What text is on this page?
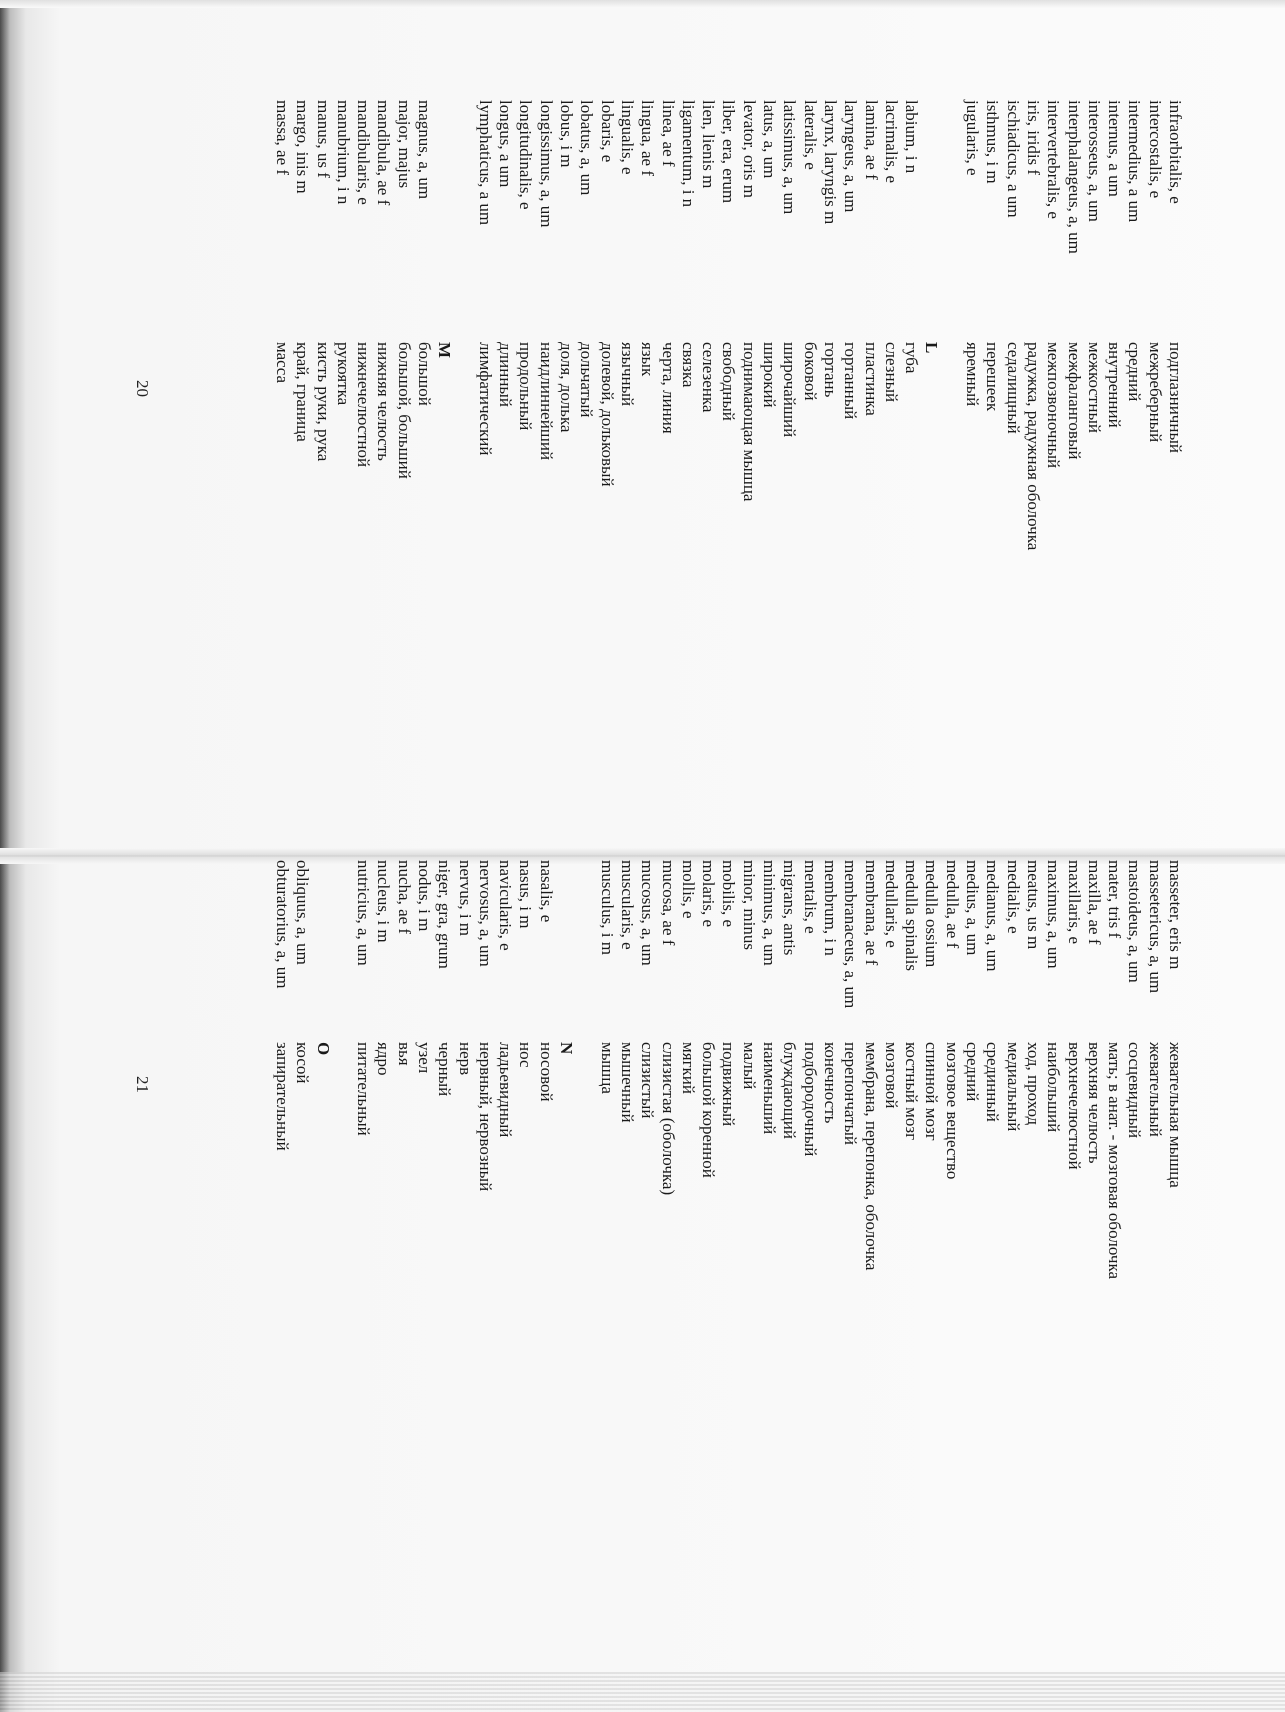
infraorbitalis, e
intercostalis, e
intermedius, a um
internus, a um
interosseus, a, um
interphalangeus, a, um
intervertebralis, e
iris, iridis f
ischiadicus, a um
isthmus, i m
jugularis, e
labium, i n
lacrimalis, e
lamina, ae f
laryngeus, a, um
larynx, laryngis m
lateralis, e
latissimus, a, um
latus, a, um
levator, oris m
liber, era, erum
lien, lienis m
ligamentum, i n
linea, ae f
lingua, ae f
lingualis, e
lobaris, e
lobatus, a, um
lobus, i m
longissimus, a, um
longitudinalis, e
longus, a um
lymphaticus, a um
magnus, a, um
major, majus
mandibula, ae f
mandibularis, e
manubrium, i n
manus, us f
margo, inis m
massa, ae f
подглазничный
межреберный
средний
внутренний
межкостный
межфаланговый
межпозвоночный
радужка, радужная оболочка
седалищный
перешеек
яремный
L
губа
слезный
пластинка
гортанный
гортань
боковой
широчайший
широкий
поднимающая мышца
свободный
селезенка
связка
черта, линия
язык
язычный
долевой, дольковый
дольчатый
доля, долька
наидлиннейший
продольный
длинный
лимфатический
M
большой
большой, больший
нижняя челюсть
нижнечелюстной
рукоятка
кисть руки, рука
край, граница
масса
20
masseter, eris m
massetericus, a, um
mastoideus, a, um
mater, tris f
maxilla, ae f
maxillaris, e
maximus, a, um
meatus, us m
medialis, e
medianus, a, um
medius, a, um
medulla, ae f
medulla ossium
medulla spinalis
medullaris, e
membrana, ae f
membranaceus, a, um
membrum, i n
mentalis, e
migrans, antis
minimus, a, um
minor, minus
mobilis, e
molaris, e
mollis, e
mucosa, ae f
mucosus, a, um
muscularis, e
musculus, i m
nasalis, e
nasus, i m
navicularis, e
nervosus, a, um
nervus, i m
niger, gra, grum
nodus, i m
nucha, ae f
nucleus, i m
nutricius, a, um
obliquus, a, um
obturatorius, a, um
жевательная мышца
жевательный
сосцевидный
мать; в анат. - мозговая оболочка
верхняя челюсть
верхнечелюстной
наибольший
ход, проход
медиальный
срединный
средний
мозговое вещество
спинной мозг
костный мозг
мозговой
мембрана, перепонка, оболочка
перепончатый
конечность
подбородочный
блуждающий
наименьший
малый
подвижный
большой коренной
мягкий
слизистая (оболочка)
слизистый
мышечный
мышца
N
носовой
нос
ладьевидный
нервный, нервозный
нерв
черный
узел
вья
ядро
питательный
O
косой
запирательный
21
